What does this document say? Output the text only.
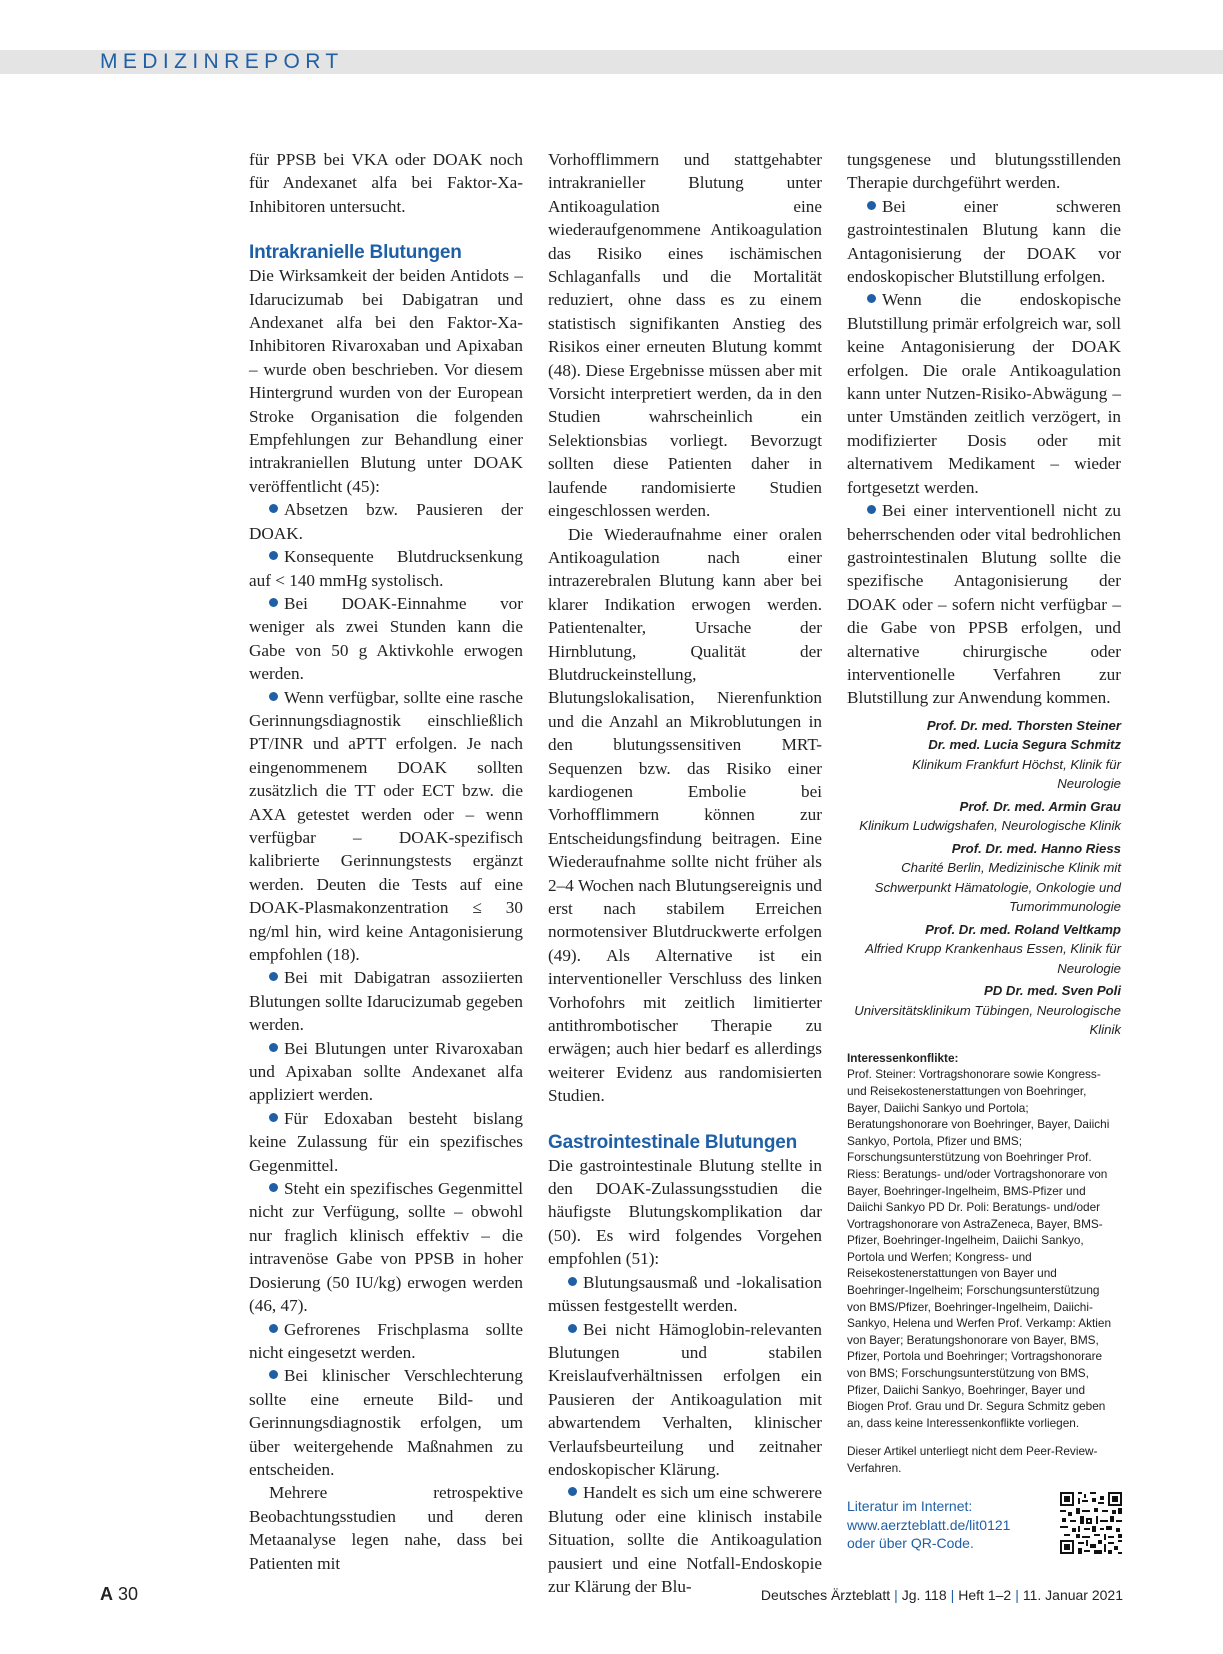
MEDIZINREPORT

für PPSB bei VKA oder DOAK noch für Andexanet alfa bei Faktor-Xa-Inhibitoren untersucht.

Intrakranielle Blutungen

Die Wirksamkeit der beiden Antidots – Idarucizumab bei Dabigatran und Andexanet alfa bei den Faktor-Xa-Inhibitoren Rivaroxaban und Apixaban – wurde oben beschrieben. Vor diesem Hintergrund wurden von der European Stroke Organisation die folgenden Empfehlungen zur Behandlung einer intrakraniellen Blutung unter DOAK veröffentlicht (45):

Absetzen bzw. Pausieren der DOAK.

Konsequente Blutdrucksenkung auf < 140 mmHg systolisch.

Bei DOAK-Einnahme vor weniger als zwei Stunden kann die Gabe von 50 g Aktivkohle erwogen werden.

Wenn verfügbar, sollte eine rasche Gerinnungsdiagnostik einschließlich PT/INR und aPTT erfolgen. Je nach eingenommenem DOAK sollten zusätzlich die TT oder ECT bzw. die AXA getestet werden oder – wenn verfügbar – DOAK-spezifisch kalibrierte Gerinnungstests ergänzt werden. Deuten die Tests auf eine DOAK-Plasmakonzentration ≤ 30 ng/ml hin, wird keine Antagonisierung empfohlen (18).

Bei mit Dabigatran assoziierten Blutungen sollte Idarucizumab gegeben werden.

Bei Blutungen unter Rivaroxaban und Apixaban sollte Andexanet alfa appliziert werden.

Für Edoxaban besteht bislang keine Zulassung für ein spezifisches Gegenmittel.

Steht ein spezifisches Gegenmittel nicht zur Verfügung, sollte – obwohl nur fraglich klinisch effektiv – die intravenöse Gabe von PPSB in hoher Dosierung (50 IU/kg) erwogen werden (46, 47).

Gefrorenes Frischplasma sollte nicht eingesetzt werden.

Bei klinischer Verschlechterung sollte eine erneute Bild- und Gerinnungsdiagnostik erfolgen, um über weitergehende Maßnahmen zu entscheiden.

Mehrere retrospektive Beobachtungsstudien und deren Metaanalyse legen nahe, dass bei Patienten mit

Vorhofflimmern und stattgehabter intrakranieller Blutung unter Antikoagulation eine wiederaufgenommene Antikoagulation das Risiko eines ischämischen Schlaganfalls und die Mortalität reduziert, ohne dass es zu einem statistisch signifikanten Anstieg des Risikos einer erneuten Blutung kommt (48). Diese Ergebnisse müssen aber mit Vorsicht interpretiert werden, da in den Studien wahrscheinlich ein Selektionsbias vorliegt. Bevorzugt sollten diese Patienten daher in laufende randomisierte Studien eingeschlossen werden.

Die Wiederaufnahme einer oralen Antikoagulation nach einer intrazerebralen Blutung kann aber bei klarer Indikation erwogen werden. Patientenalter, Ursache der Hirnblutung, Qualität der Blutdruckeinstellung, Blutungslokalisation, Nierenfunktion und die Anzahl an Mikroblutungen in den blutungssensitiven MRT-Sequenzen bzw. das Risiko einer kardiogenen Embolie bei Vorhofflimmern können zur Entscheidungsfindung beitragen. Eine Wiederaufnahme sollte nicht früher als 2–4 Wochen nach Blutungsereignis und erst nach stabilem Erreichen normotensiver Blutdruckwerte erfolgen (49). Als Alternative ist ein interventioneller Verschluss des linken Vorhofohrs mit zeitlich limitierter antithrombotischer Therapie zu erwägen; auch hier bedarf es allerdings weiterer Evidenz aus randomisierten Studien.

Gastrointestinale Blutungen

Die gastrointestinale Blutung stellte in den DOAK-Zulassungsstudien die häufigste Blutungskomplikation dar (50). Es wird folgendes Vorgehen empfohlen (51):

Blutungsausmaß und -lokalisation müssen festgestellt werden.

Bei nicht Hämoglobin-relevanten Blutungen und stabilen Kreislaufverhältnissen erfolgen ein Pausieren der Antikoagulation mit abwartendem Verhalten, klinischer Verlaufsbeurteilung und zeitnaher endoskopischer Klärung.

Handelt es sich um eine schwerere Blutung oder eine klinisch instabile Situation, sollte die Antikoagulation pausiert und eine Notfall-Endoskopie zur Klärung der Blu-

tungsgenese und blutungsstillenden Therapie durchgeführt werden.

Bei einer schweren gastrointestinalen Blutung kann die Antagonisierung der DOAK vor endoskopischer Blutstillung erfolgen.

Wenn die endoskopische Blutstillung primär erfolgreich war, soll keine Antagonisierung der DOAK erfolgen. Die orale Antikoagulation kann unter Nutzen-Risiko-Abwägung – unter Umständen zeitlich verzögert, in modifizierter Dosis oder mit alternativem Medikament – wieder fortgesetzt werden.

Bei einer interventionell nicht zu beherrschenden oder vital bedrohlichen gastrointestinalen Blutung sollte die spezifische Antagonisierung der DOAK oder – sofern nicht verfügbar – die Gabe von PPSB erfolgen, und alternative chirurgische oder interventionelle Verfahren zur Blutstillung zur Anwendung kommen.

Prof. Dr. med. Thorsten Steiner
Dr. med. Lucia Segura Schmitz
Klinikum Frankfurt Höchst, Klinik für Neurologie
Prof. Dr. med. Armin Grau
Klinikum Ludwigshafen, Neurologische Klinik
Prof. Dr. med. Hanno Riess
Charité Berlin, Medizinische Klinik mit Schwerpunkt Hämatologie, Onkologie und Tumorimmunologie
Prof. Dr. med. Roland Veltkamp
Alfried Krupp Krankenhaus Essen, Klinik für Neurologie
PD Dr. med. Sven Poli
Universitätsklinikum Tübingen, Neurologische Klinik

Interessenkonflikte:

Prof. Steiner: Vortragshonorare sowie Kongress- und Reisekostenerstattungen von Boehringer, Bayer, Daiichi Sankyo und Portola; Beratungshonorare von Boehringer, Bayer, Daiichi Sankyo, Portola, Pfizer und BMS; Forschungsunterstützung von Boehringer Prof. Riess: Beratungs- und/oder Vortragshonorare von Bayer, Boehringer-Ingelheim, BMS-Pfizer und Daiichi Sankyo PD Dr. Poli: Beratungs- und/oder Vortragshonorare von AstraZeneca, Bayer, BMS-Pfizer, Boehringer-Ingelheim, Daiichi Sankyo, Portola und Werfen; Kongress- und Reisekostenerstattungen von Bayer und Boehringer-Ingelheim; Forschungsunterstützung von BMS/Pfizer, Boehringer-Ingelheim, Daiichi-Sankyo, Helena und Werfen Prof. Verkamp: Aktien von Bayer; Beratungshonorare von Bayer, BMS, Pfizer, Portola und Boehringer; Vortragshonorare von BMS; Forschungsunterstützung von BMS, Pfizer, Daiichi Sankyo, Boehringer, Bayer und Biogen Prof. Grau und Dr. Segura Schmitz geben an, dass keine Interessenkonflikte vorliegen.

Dieser Artikel unterliegt nicht dem Peer-Review-Verfahren.

Literatur im Internet:
www.aerzteblatt.de/lit0121
oder über QR-Code.
A 30	Deutsches Ärzteblatt | Jg. 118 | Heft 1–2 | 11. Januar 2021
